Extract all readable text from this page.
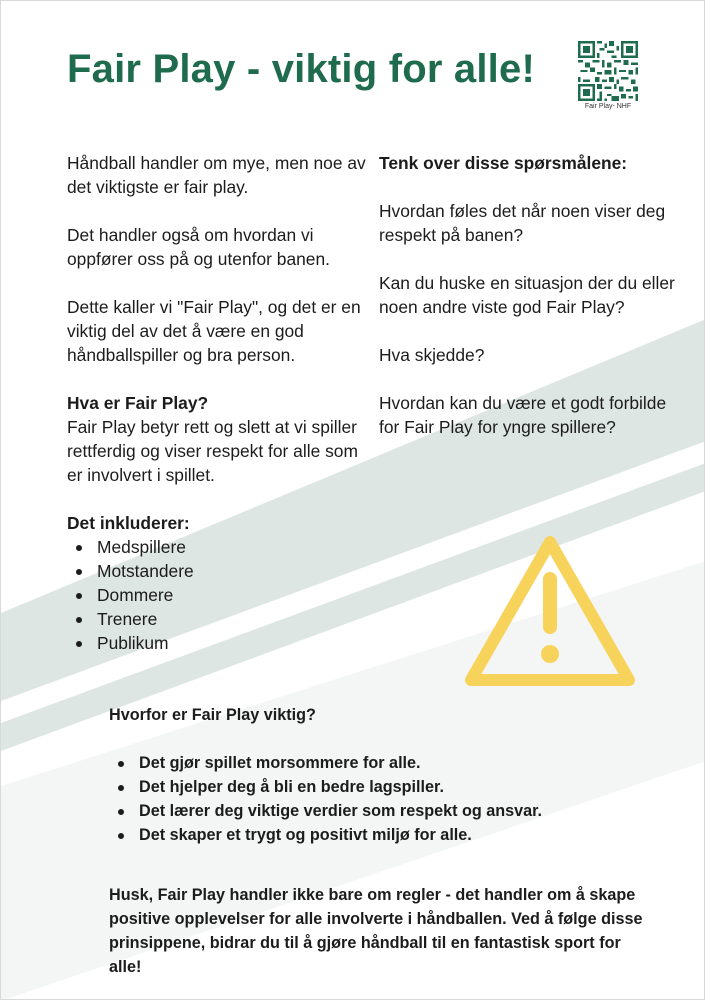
Fair Play - viktig for alle!
Fair Play- NHF

Håndball handler om mye, men noe av det viktigste er fair play.

Det handler også om hvordan vi oppfører oss på og utenfor banen.

Dette kaller vi "Fair Play", og det er en viktig del av det å være en god håndballspiller og bra person.

Hva er Fair Play?

Fair Play betyr rett og slett at vi spiller rettferdig og viser respekt for alle som er involvert i spillet.

Det inkluderer:

Medspillere
Motstandere
Dommere
Trenere
Publikum

Tenk over disse spørsmålene:

Hvordan føles det når noen viser deg respekt på banen?

Kan du huske en situasjon der du eller noen andre viste god Fair Play?

Hva skjedde?

Hvordan kan du være et godt forbilde for Fair Play for yngre spillere?

Hvorfor er Fair Play viktig?

Det gjør spillet morsommere for alle.
Det hjelper deg å bli en bedre lagspiller.
Det lærer deg viktige verdier som respekt og ansvar.
Det skaper et trygt og positivt miljø for alle.

Husk, Fair Play handler ikke bare om regler - det handler om å skape positive opplevelser for alle involverte i håndballen. Ved å følge disse prinsippene, bidrar du til å gjøre håndball til en fantastisk sport for alle!
